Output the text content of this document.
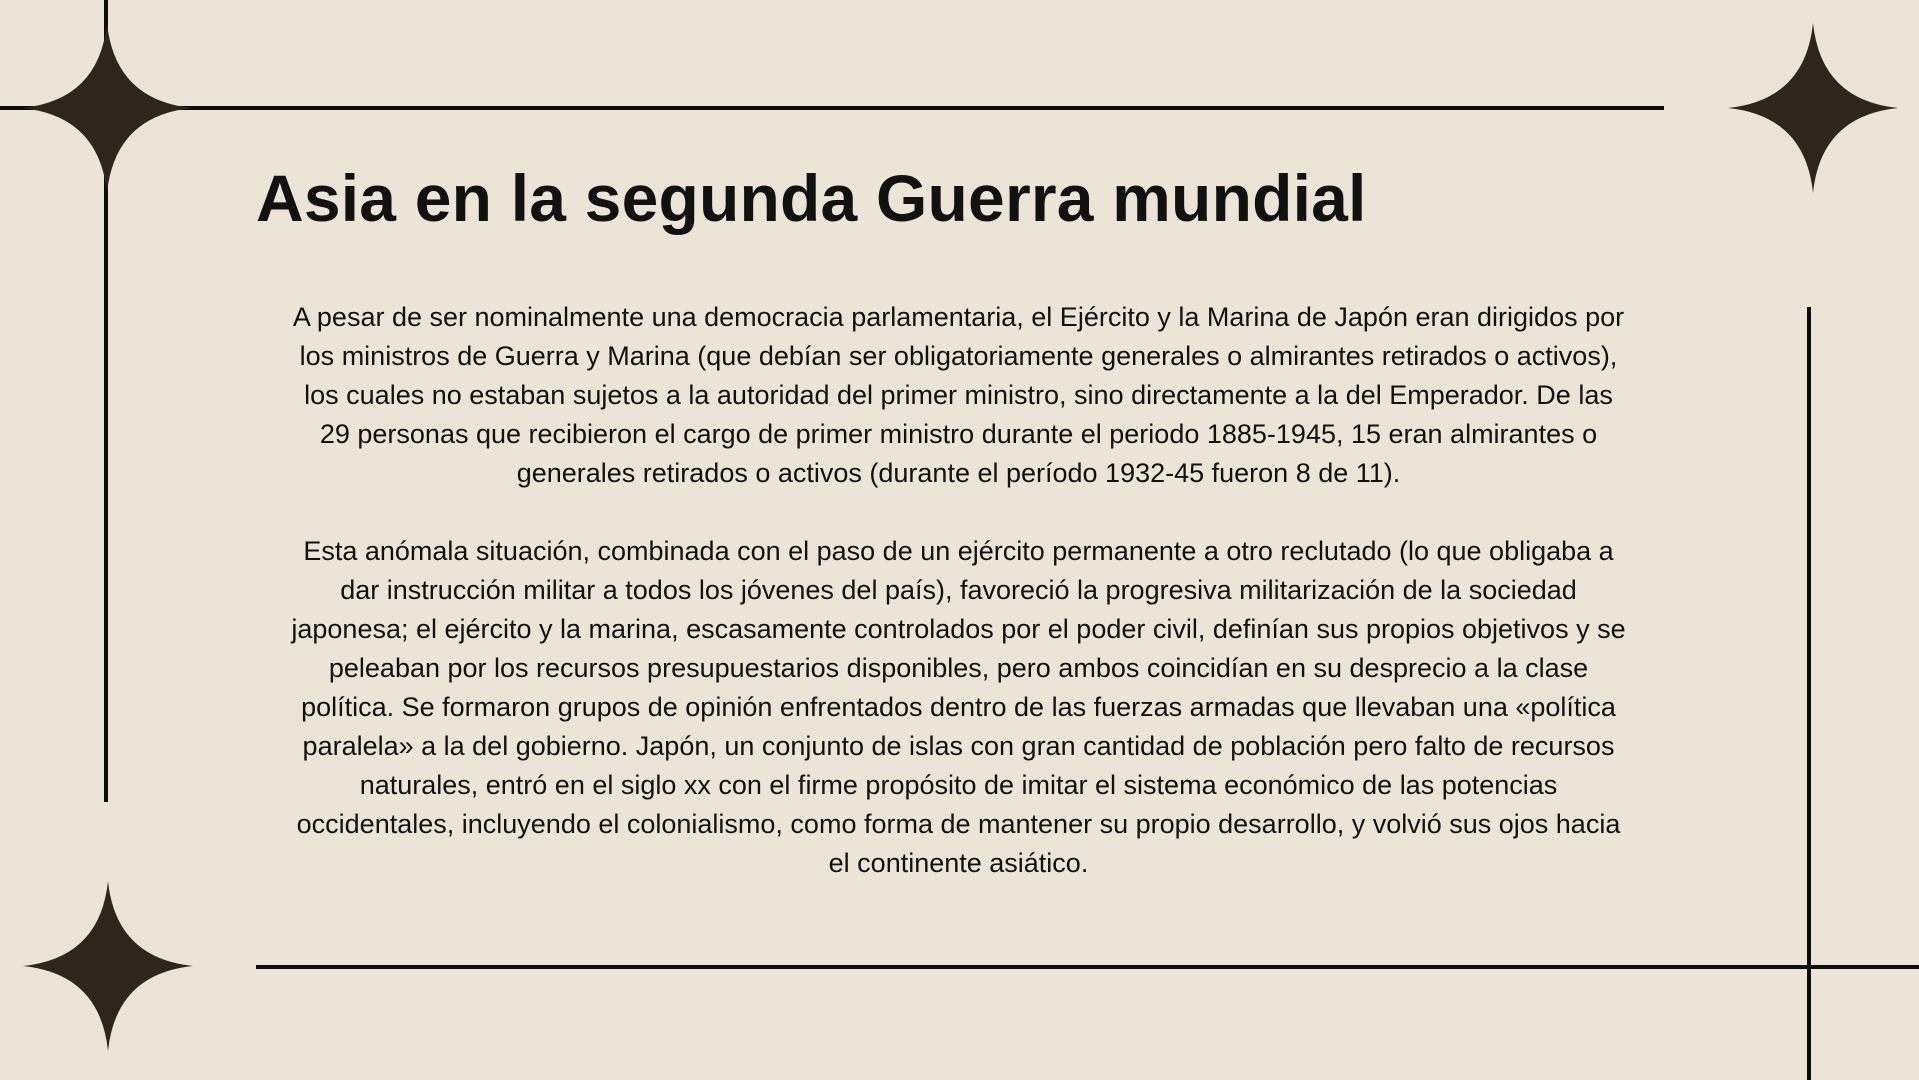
Asia en la segunda Guerra mundial

A pesar de ser nominalmente una democracia parlamentaria, el Ejército y la Marina de Japón eran dirigidos por
los ministros de Guerra y Marina (que debían ser obligatoriamente generales o almirantes retirados o activos),
los cuales no estaban sujetos a la autoridad del primer ministro, sino directamente a la del Emperador. De las
29 personas que recibieron el cargo de primer ministro durante el periodo 1885-1945, 15 eran almirantes o
generales retirados o activos (durante el período 1932-45 fueron 8 de 11).

Esta anómala situación, combinada con el paso de un ejército permanente a otro reclutado (lo que obligaba a
dar instrucción militar a todos los jóvenes del país), favoreció la progresiva militarización de la sociedad
japonesa; el ejército y la marina, escasamente controlados por el poder civil, definían sus propios objetivos y se
peleaban por los recursos presupuestarios disponibles, pero ambos coincidían en su desprecio a la clase
política. Se formaron grupos de opinión enfrentados dentro de las fuerzas armadas que llevaban una «política
paralela» a la del gobierno. Japón, un conjunto de islas con gran cantidad de población pero falto de recursos
naturales, entró en el siglo xx con el firme propósito de imitar el sistema económico de las potencias
occidentales, incluyendo el colonialismo, como forma de mantener su propio desarrollo, y volvió sus ojos hacia
el continente asiático.
